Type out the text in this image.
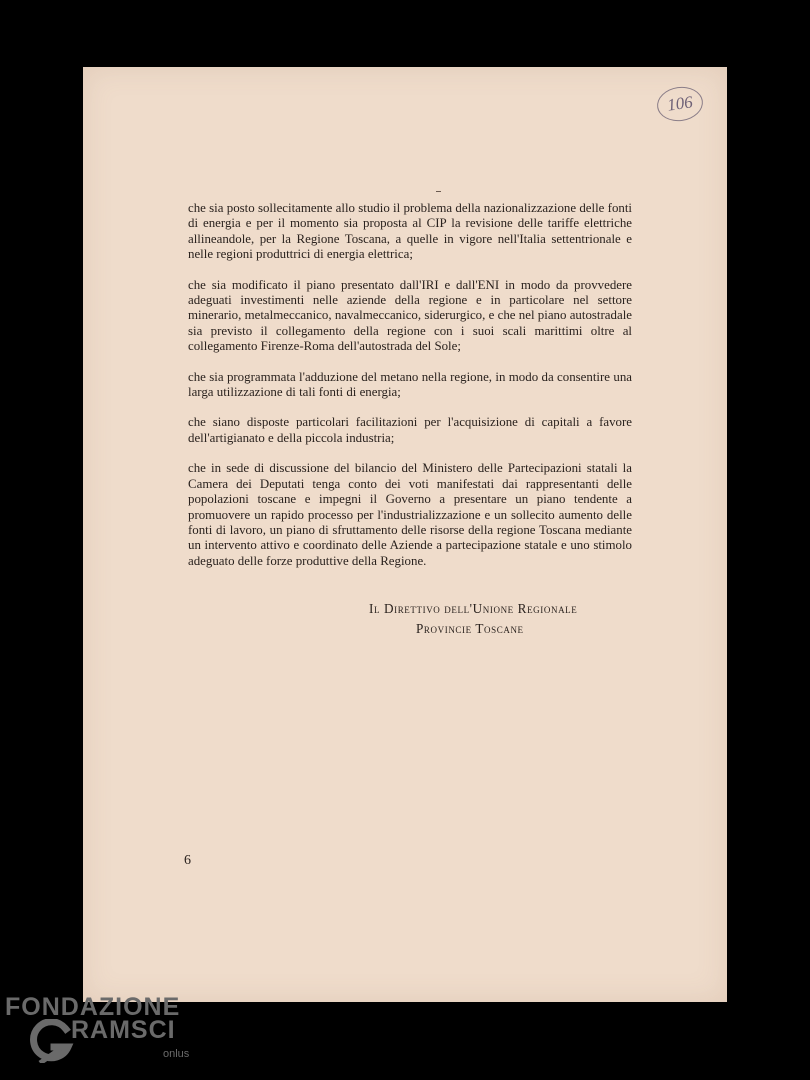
106

che sia posto sollecitamente allo studio il problema della nazionalizzazione delle fonti di energia e per il momento sia proposta al CIP la revisione delle tariffe elettriche allineandole, per la Regione Toscana, a quelle in vigore nell'Italia settentrionale e nelle regioni produttrici di energia elettrica;

che sia modificato il piano presentato dall'IRI e dall'ENI in modo da provvedere adeguati investimenti nelle aziende della regione e in particolare nel settore minerario, metalmeccanico, navalmeccanico, siderurgico, e che nel piano autostradale sia previsto il collegamento della regione con i suoi scali marittimi oltre al collegamento Firenze-Roma dell'autostrada del Sole;

che sia programmata l'adduzione del metano nella regione, in modo da consentire una larga utilizzazione di tali fonti di energia;

che siano disposte particolari facilitazioni per l'acquisizione di capitali a favore dell'artigianato e della piccola industria;

che in sede di discussione del bilancio del Ministero delle Partecipazioni statali la Camera dei Deputati tenga conto dei voti manifestati dai rappresentanti delle popolazioni toscane e impegni il Governo a presentare un piano tendente a promuovere un rapido processo per l'industrializzazione e un sollecito aumento delle fonti di lavoro, un piano di sfruttamento delle risorse della regione Toscana mediante un intervento attivo e coordinato delle Aziende a partecipazione statale e uno stimolo adeguato delle forze produttive della Regione.

Il Direttivo dell'Unione Regionale
Provincie Toscane
6
FONDAZIONE
RAMSCI
onlus
